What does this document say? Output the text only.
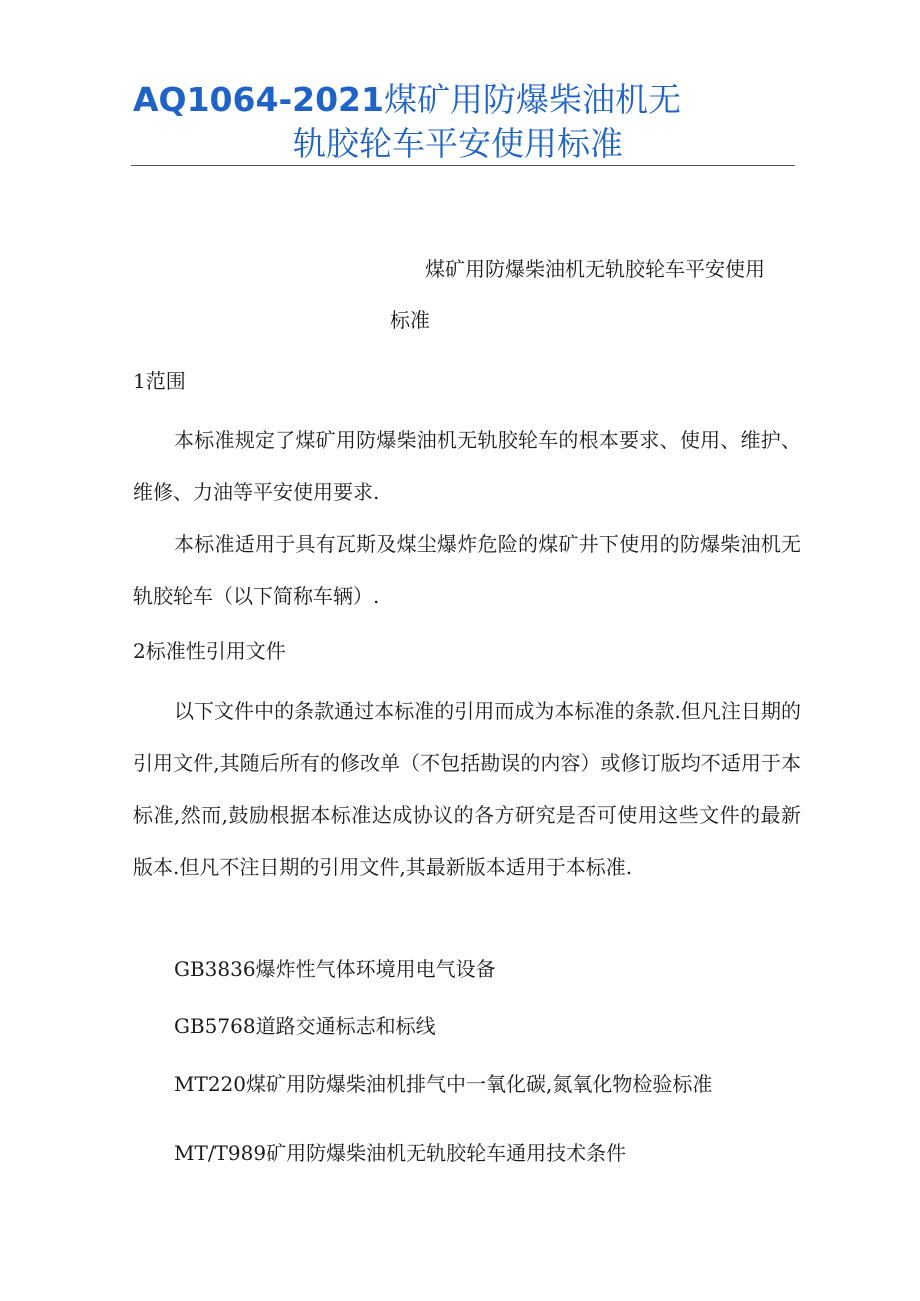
AQ1064-2021煤矿用防爆柴油机无
轨胶轮车平安使用标准
煤矿用防爆柴油机无轨胶轮车平安使用
标准
1范围
本标准规定了煤矿用防爆柴油机无轨胶轮车的根本要求、使用、维护、维修、力油等平安使用要求.
本标准适用于具有瓦斯及煤尘爆炸危险的煤矿井下使用的防爆柴油机无轨胶轮车（以下简称车辆）.
2标准性引用文件
以下文件中的条款通过本标准的引用而成为本标准的条款.但凡注日期的引用文件,其随后所有的修改单（不包括勘误的内容）或修订版均不适用于本标准,然而,鼓励根据本标准达成协议的各方研究是否可使用这些文件的最新版本.但凡不注日期的引用文件,其最新版本适用于本标准.
GB3836爆炸性气体环境用电气设备
GB5768道路交通标志和标线
MT220煤矿用防爆柴油机排气中一氧化碳,氮氧化物检验标准
MT/T989矿用防爆柴油机无轨胶轮车通用技术条件
